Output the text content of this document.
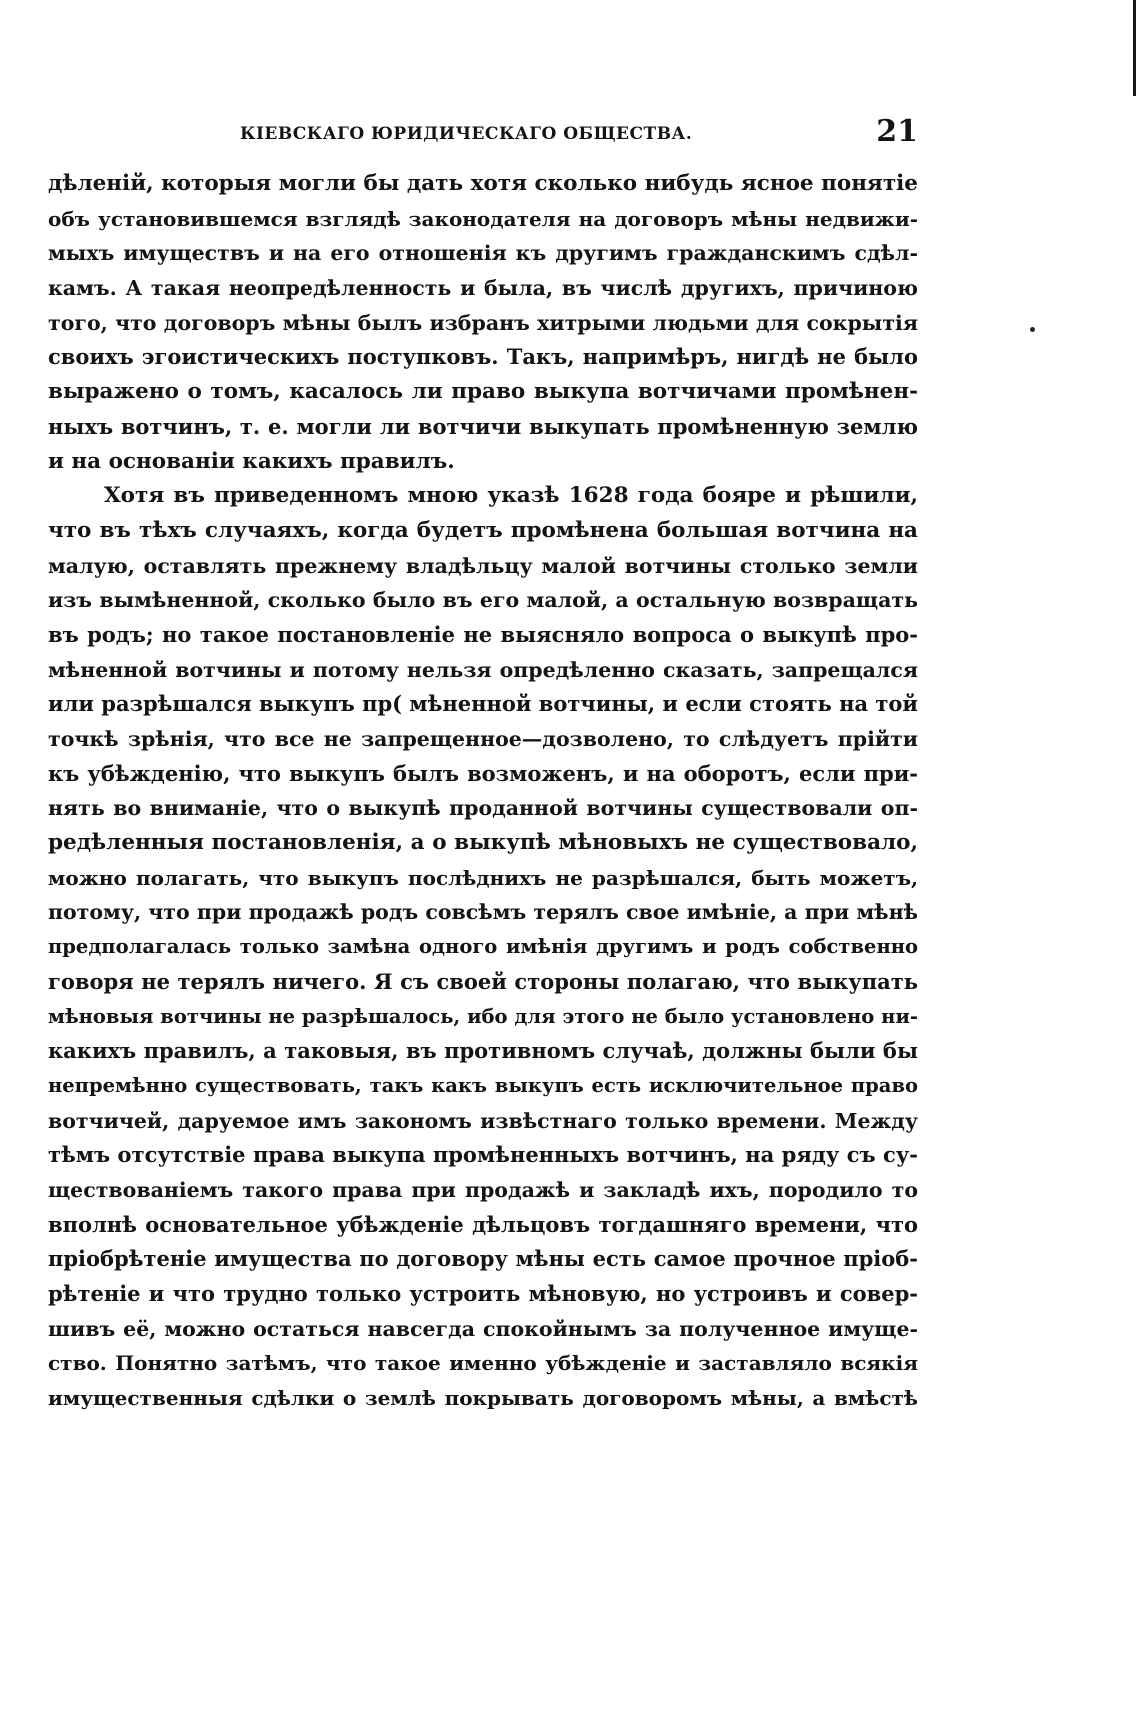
КІЕВСКАГО ЮРИДИЧЕСКАГО ОБЩЕСТВА.	21
дѣленій, которыя могли бы дать хотя сколько нибудь ясное понятіе
объ установившемся взглядѣ законодателя на договоръ мѣны недвижи-
мыхъ имуществъ и на его отношенія къ другимъ гражданскимъ сдѣл-
камъ. А такая неопредѣленность и была, въ числѣ другихъ, причиною
того, что договоръ мѣны былъ избранъ хитрыми людьми для сокрытія
своихъ эгоистическихъ поступковъ. Такъ, напримѣръ, нигдѣ не было
выражено о томъ, касалось ли право выкупа вотчичами промѣнен-
ныхъ вотчинъ, т. е. могли ли вотчичи выкупать промѣненную землю
и на основаніи какихъ правилъ.
Хотя въ приведенномъ мною указѣ 1628 года бояре и рѣшили,
что въ тѣхъ случаяхъ, когда будетъ промѣнена большая вотчина на
малую, оставлять прежнему владѣльцу малой вотчины столько земли
изъ вымѣненной, сколько было въ его малой, а остальную возвращать
въ родъ; но такое постановленіе не выясняло вопроса о выкупѣ про-
мѣненной вотчины и потому нельзя опредѣленно сказать, запрещался
или разрѣшался выкупъ пр( мѣненной вотчины, и если стоять на той
точкѣ зрѣнія, что все не запрещенное—дозволено, то слѣдуетъ прійти
къ убѣжденію, что выкупъ былъ возможенъ, и на оборотъ, если при-
нять во вниманіе, что о выкупѣ проданной вотчины существовали оп-
редѣленныя постановленія, а о выкупѣ мѣновыхъ не существовало,
можно полагать, что выкупъ послѣднихъ не разрѣшался, быть можетъ,
потому, что при продажѣ родъ совсѣмъ терялъ свое имѣніе, а при мѣнѣ
предполагалась только замѣна одного имѣнія другимъ и родъ собственно
говоря не терялъ ничего. Я съ своей стороны полагаю, что выкупать
мѣновыя вотчины не разрѣшалось, ибо для этого не было установлено ни-
какихъ правилъ, а таковыя, въ противномъ случаѣ, должны были бы
непремѣнно существовать, такъ какъ выкупъ есть исключительное право
вотчичей, даруемое имъ закономъ извѣстнаго только времени. Между
тѣмъ отсутствіе права выкупа промѣненныхъ вотчинъ, на ряду съ су-
ществованіемъ такого права при продажѣ и закладѣ ихъ, породило то
вполнѣ основательное убѣжденіе дѣльцовъ тогдашняго времени, что
пріобрѣтеніе имущества по договору мѣны есть самое прочное пріоб-
рѣтеніе и что трудно только устроить мѣновую, но устроивъ и совер-
шивъ её, можно остаться навсегда спокойнымъ за полученное имуще-
ство. Понятно затѣмъ, что такое именно убѣжденіе и заставляло всякія
имущественныя сдѣлки о землѣ покрывать договоромъ мѣны, а вмѣстѣ
